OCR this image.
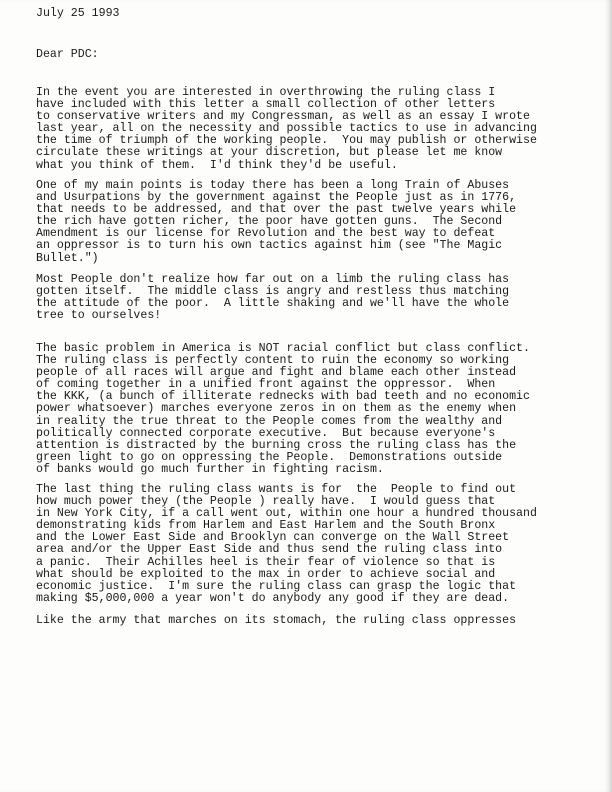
July 25 1993

Dear PDC:

In the event you are interested in overthrowing the ruling class I
have included with this letter a small collection of other letters
to conservative writers and my Congressman, as well as an essay I wrote
last year, all on the necessity and possible tactics to use in advancing
the time of triumph of the working people.  You may publish or otherwise
circulate these writings at your discretion, but please let me know
what you think of them.  I'd think they'd be useful.

One of my main points is today there has been a long Train of Abuses
and Usurpations by the government against the People just as in 1776,
that needs to be addressed, and that over the past twelve years while
the rich have gotten richer, the poor have gotten guns.  The Second
Amendment is our license for Revolution and the best way to defeat
an oppressor is to turn his own tactics against him (see "The Magic
Bullet.")

Most People don't realize how far out on a limb the ruling class has
gotten itself.  The middle class is angry and restless thus matching
the attitude of the poor.  A little shaking and we'll have the whole
tree to ourselves!

The basic problem in America is NOT racial conflict but class conflict.
The ruling class is perfectly content to ruin the economy so working
people of all races will argue and fight and blame each other instead
of coming together in a unified front against the oppressor.  When
the KKK, (a bunch of illiterate rednecks with bad teeth and no economic
power whatsoever) marches everyone zeros in on them as the enemy when
in reality the true threat to the People comes from the wealthy and
politically connected corporate executive.  But because everyone's
attention is distracted by the burning cross the ruling class has the
green light to go on oppressing the People.  Demonstrations outside
of banks would go much further in fighting racism.

The last thing the ruling class wants is for  the  People to find out
how much power they (the People ) really have.  I would guess that
in New York City, if a call went out, within one hour a hundred thousand
demonstrating kids from Harlem and East Harlem and the South Bronx
and the Lower East Side and Brooklyn can converge on the Wall Street
area and/or the Upper East Side and thus send the ruling class into
a panic.  Their Achilles heel is their fear of violence so that is
what should be exploited to the max in order to achieve social and
economic justice.  I'm sure the ruling class can grasp the logic that
making $5,000,000 a year won't do anybody any good if they are dead.

Like the army that marches on its stomach, the ruling class oppresses
